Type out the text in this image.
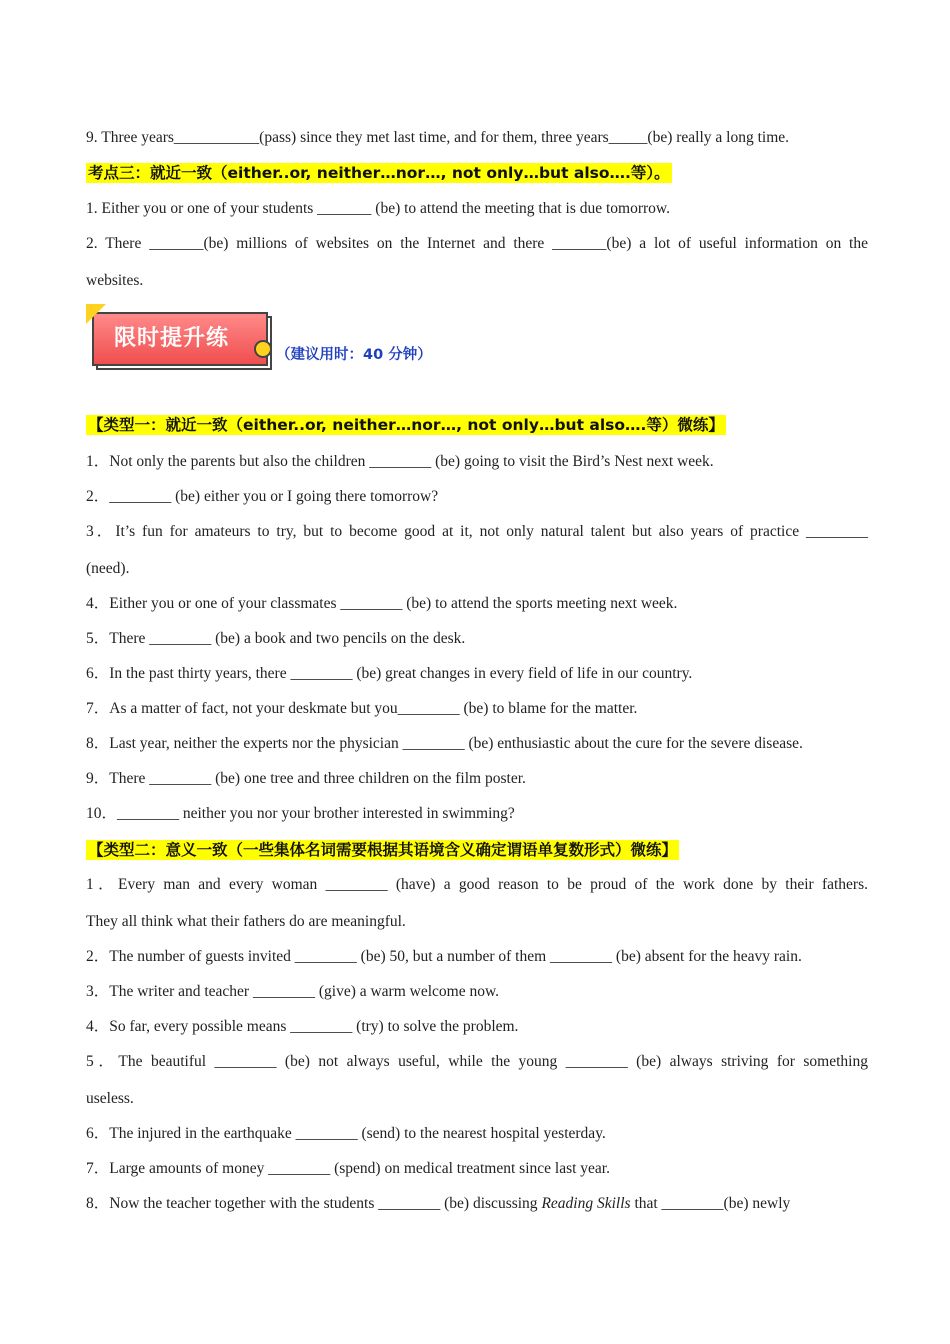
9. Three years___________(pass) since they met last time, and for them, three years_____(be) really a long time.
考点三：就近一致（either..or, neither…nor…, not only…but also….等）。
1. Either you or one of your students _______ (be) to attend the meeting that is due tomorrow.
2. There _______(be) millions of websites on the Internet and there _______(be) a lot of useful information on the
websites.
限时提升练
（建议用时：40 分钟）
【类型一：就近一致（either..or, neither…nor…, not only…but also….等）微练】
1．Not only the parents but also the children ________ (be) going to visit the Bird’s Nest next week.
2．________ (be) either you or I going there tomorrow?
3．It’s fun for amateurs to try, but to become good at it, not only natural talent but also years of practice ________
(need).
4．Either you or one of your classmates ________ (be) to attend the sports meeting next week.
5．There ________ (be) a book and two pencils on the desk.
6．In the past thirty years, there ________ (be) great changes in every field of life in our country.
7．As a matter of fact, not your deskmate but you________ (be) to blame for the matter.
8．Last year, neither the experts nor the physician ________ (be) enthusiastic about the cure for the severe disease.
9．There ________ (be) one tree and three children on the film poster.
10．________ neither you nor your brother interested in swimming?
【类型二：意义一致（一些集体名词需要根据其语境含义确定谓语单复数形式）微练】
1．Every man and every woman ________ (have) a good reason to be proud of the work done by their fathers.
They all think what their fathers do are meaningful.
2．The number of guests invited ________ (be) 50, but a number of them ________ (be) absent for the heavy rain.
3．The writer and teacher ________ (give) a warm welcome now.
4．So far, every possible means ________ (try) to solve the problem.
5．The beautiful ________ (be) not always useful, while the young ________ (be) always striving for something
useless.
6．The injured in the earthquake ________ (send) to the nearest hospital yesterday.
7．Large amounts of money ________ (spend) on medical treatment since last year.
8．Now the teacher together with the students ________ (be) discussing Reading Skills that ________(be) newly
